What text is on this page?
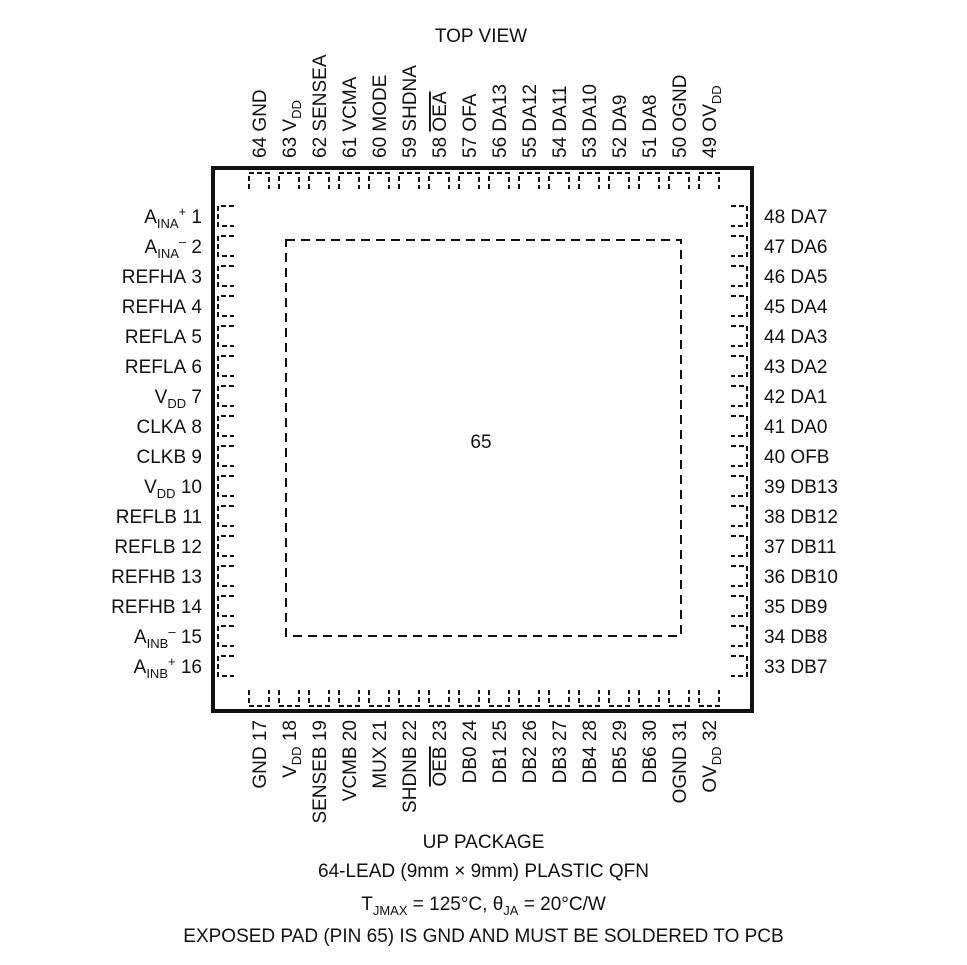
TOP VIEW
65
$A_{INA}^+$ 1
$A_{INA}^-$ 2
REFHA 3
REFHA 4
REFLA 5
REFLA 6
$V_{DD}$ 7
CLKA 8
CLKB 9
$V_{DD}$ 10
REFLB 11
REFLB 12
REFHB 13
REFHB 14
$A_{INB}^-$ 15
$A_{INB}^+$ 16
48 DA7
47 DA6
46 DA5
45 DA4
44 DA3
43 DA2
42 DA1
41 DA0
40 OFB
39 DB13
38 DB12
37 DB11
36 DB10
35 DB9
34 DB8
33 DB7
64 GND
63 $V_{DD}$
62 SENSEA
61 VCMA
60 MODE
59 SHDNA
58 OEA
57 OFA
56 DA13
55 DA12
54 DA11
53 DA10
52 DA9
51 DA8
50 OGND
49 $OV_{DD}$
GND 17
$V_{DD}$ 18
SENSEB 19
VCMB 20
MUX 21
SHDNB 22
OEB 23
DB0 24
DB1 25
DB2 26
DB3 27
DB4 28
DB5 29
DB6 30
OGND 31
$OV_{DD}$ 32
UP PACKAGE
64-LEAD (9mm × 9mm) PLASTIC QFN
$T_{JMAX} = 125^\circ C$, $\theta_{JA} = 20^\circ C/W$
EXPOSED PAD (PIN 65) IS GND AND MUST BE SOLDERED TO PCB
